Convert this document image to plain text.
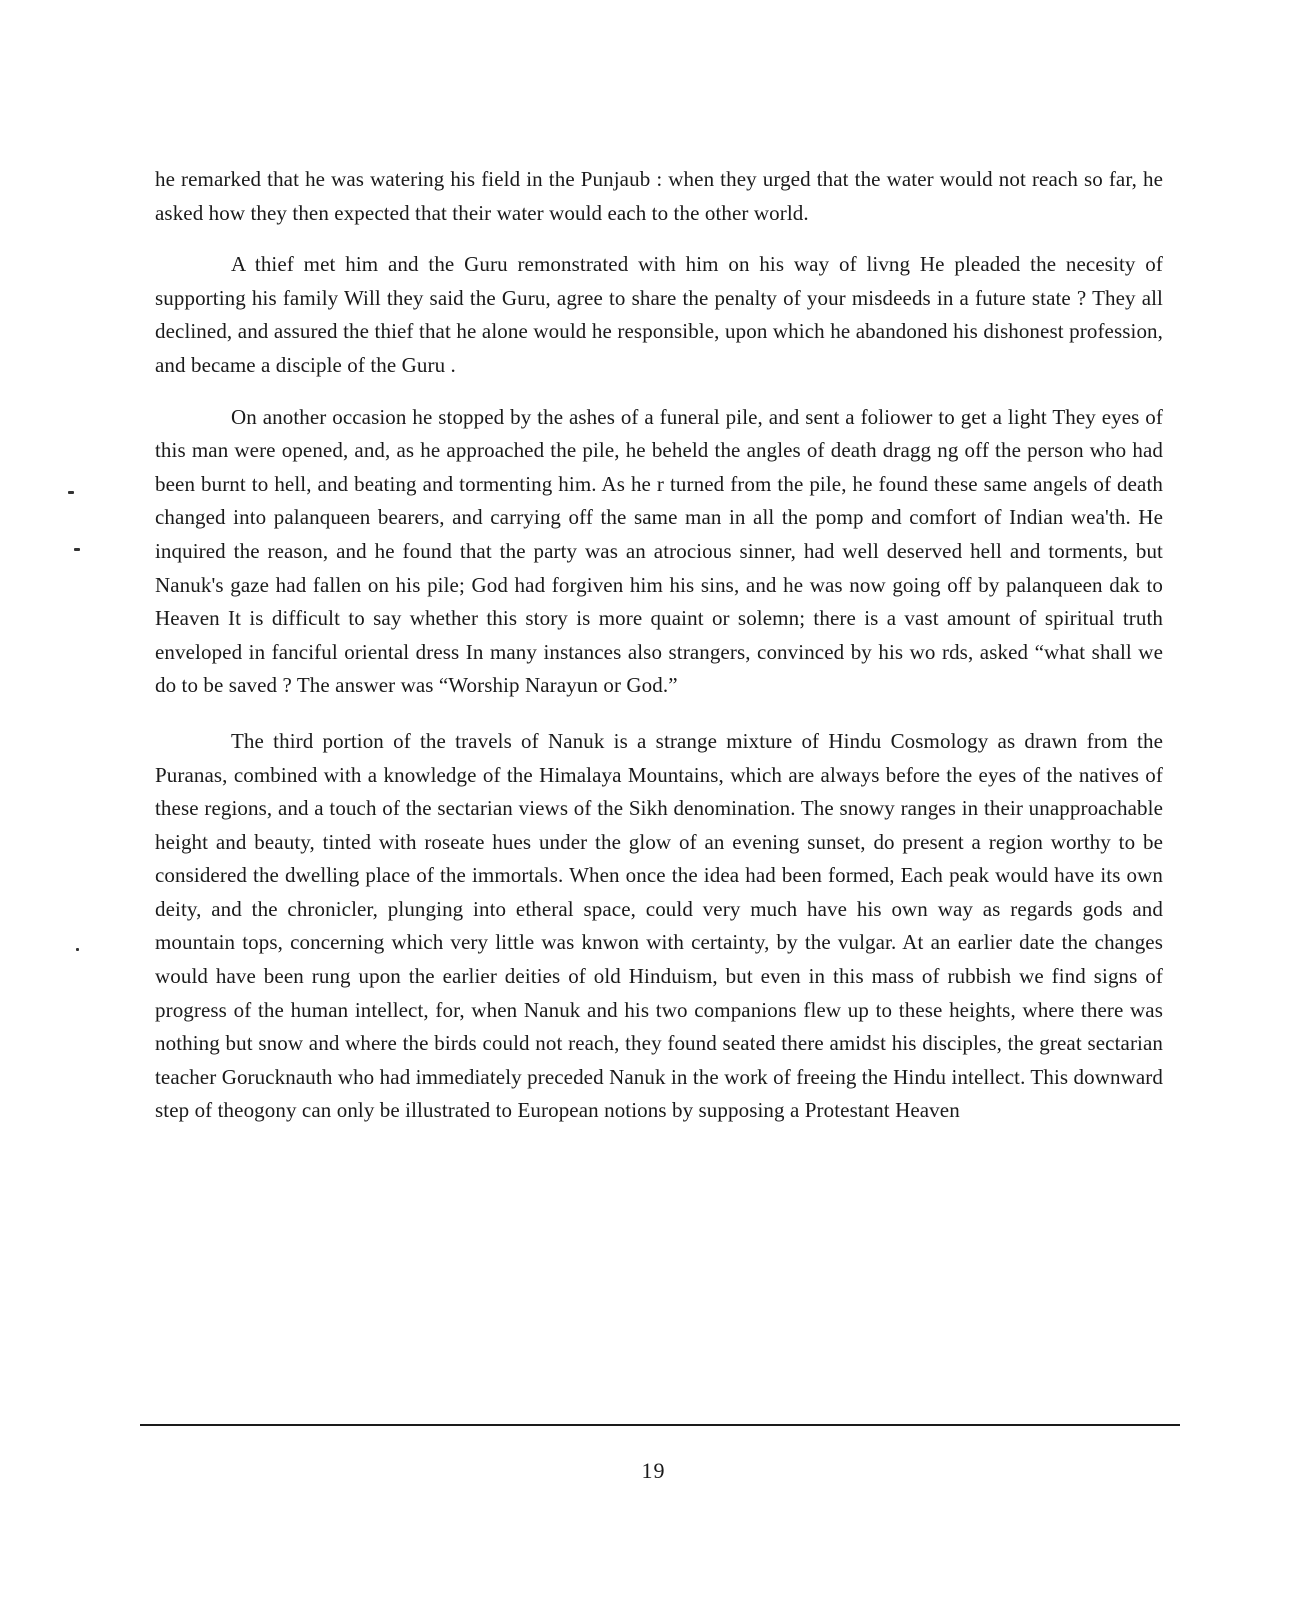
he remarked that he was watering his field in the Punjaub : when they urged that the water would not reach so far, he asked how they then expected that their water would each to the other world.

A thief met him and the Guru remonstrated with him on his way of livng He pleaded the necesity of supporting his family Will they said the Guru, agree to share the penalty of your misdeeds in a future state ? They all declined, and assured the thief that he alone would he responsible, upon which he abandoned his dishonest profession, and became a disciple of the Guru .

On another occasion he stopped by the ashes of a funeral pile, and sent a foliower to get a light They eyes of this man were opened, and, as he approached the pile, he beheld the angles of death dragg ng off the person who had been burnt to hell, and beating and tormenting him. As he r turned from the pile, he found these same angels of death changed into palanqueen bearers, and carrying off the same man in all the pomp and comfort of Indian wea'th. He inquired the reason, and he found that the party was an atrocious sinner, had well deserved hell and torments, but Nanuk's gaze had fallen on his pile; God had forgiven him his sins, and he was now going off by palanqueen dak to Heaven It is difficult to say whether this story is more quaint or solemn; there is a vast amount of spiritual truth enveloped in fanciful oriental dress In many instances also strangers, convinced by his wo rds, asked “what shall we do to be saved ? The answer was “Worship Narayun or God.”

The third portion of the travels of Nanuk is a strange mixture of Hindu Cosmology as drawn from the Puranas, combined with a knowledge of the Himalaya Mountains, which are always before the eyes of the natives of these regions, and a touch of the sectarian views of the Sikh denomination. The snowy ranges in their unapproachable height and beauty, tinted with roseate hues under the glow of an evening sunset, do present a region worthy to be considered the dwelling place of the immortals. When once the idea had been formed, Each peak would have its own deity, and the chronicler, plunging into etheral space, could very much have his own way as regards gods and mountain tops, concerning which very little was knwon with certainty, by the vulgar. At an earlier date the changes would have been rung upon the earlier deities of old Hinduism, but even in this mass of rubbish we find signs of progress of the human intellect, for, when Nanuk and his two companions flew up to these heights, where there was nothing but snow and where the birds could not reach, they found seated there amidst his disciples, the great sectarian teacher Gorucknauth who had immediately preceded Nanuk in the work of freeing the Hindu intellect. This downward step of theogony can only be illustrated to European notions by supposing a Protestant Heaven

19
